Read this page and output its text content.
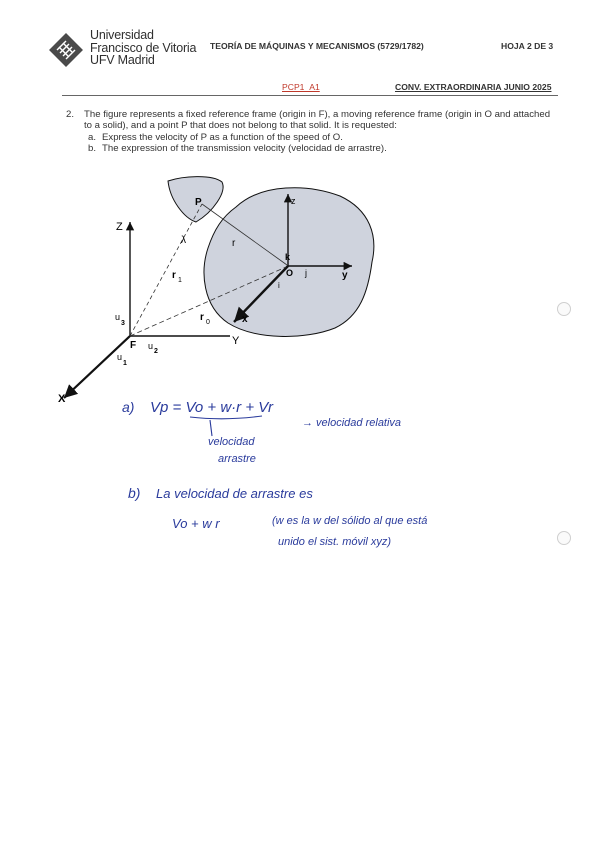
Universidad
Francisco de Vitoria
UFV Madrid
TEORÍA DE MÁQUINAS Y MECANISMOS (5729/1782)	HOJA 2 DE 3
PCP1_A1	CONV. EXTRAORDINARIA JUNIO 2025
2. The figure represents a fixed reference frame (origin in F), a moving reference frame (origin in O and attached to a solid), and a point P that does not belong to that solid. It is requested:
a. Express the velocity of P as a function of the speed of O.
b. The expression of the transmission velocity (velocidad de arrastre).
P	z
Z
k
O j	y
i
x
r
r 1
r 0
λ
u
3
F u
2
u
1
Y
X	a) Vp = Vo + w·r + Vr
→ velocidad relativa
velocidad
arrastre
b) La velocidad de arrastre es
Vo + w r	(w es la w del sólido al que está
unido el sist. móvil xyz)
